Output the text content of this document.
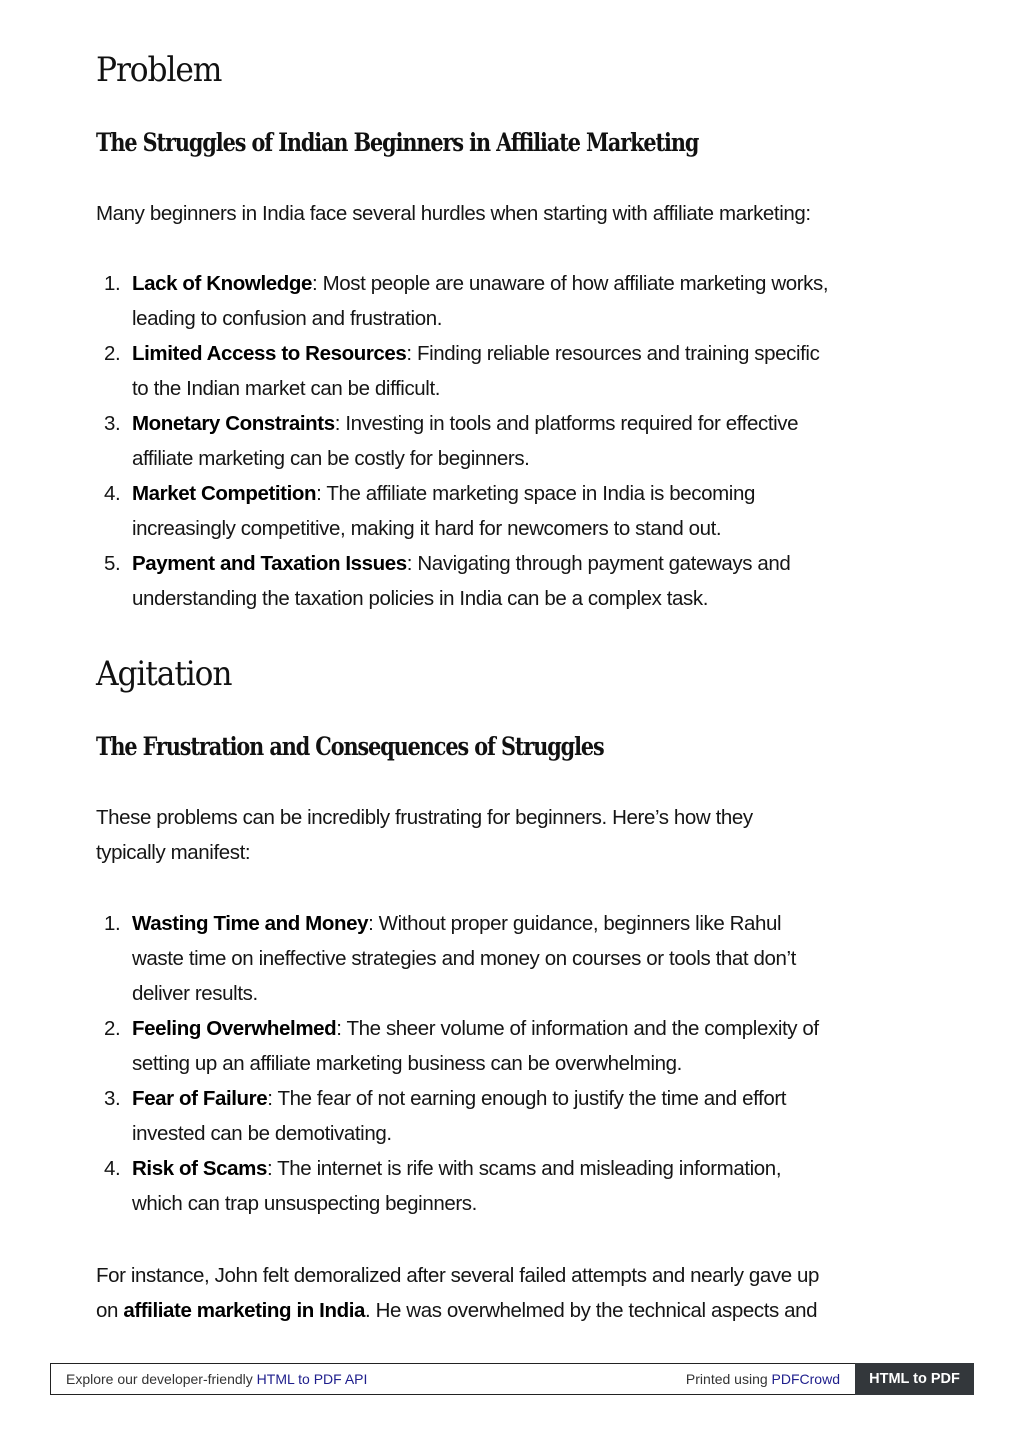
Problem
The Struggles of Indian Beginners in Affiliate Marketing

Many beginners in India face several hurdles when starting with affiliate marketing:

1. Lack of Knowledge: Most people are unaware of how affiliate marketing works,
leading to confusion and frustration.
2. Limited Access to Resources: Finding reliable resources and training specific
to the Indian market can be difficult.
3. Monetary Constraints: Investing in tools and platforms required for effective
affiliate marketing can be costly for beginners.
4. Market Competition: The affiliate marketing space in India is becoming
increasingly competitive, making it hard for newcomers to stand out.
5. Payment and Taxation Issues: Navigating through payment gateways and
understanding the taxation policies in India can be a complex task.
Agitation
The Frustration and Consequences of Struggles

These problems can be incredibly frustrating for beginners. Here’s how they
typically manifest:

1. Wasting Time and Money: Without proper guidance, beginners like Rahul
waste time on ineffective strategies and money on courses or tools that don’t
deliver results.
2. Feeling Overwhelmed: The sheer volume of information and the complexity of
setting up an affiliate marketing business can be overwhelming.
3. Fear of Failure: The fear of not earning enough to justify the time and effort
invested can be demotivating.
4. Risk of Scams: The internet is rife with scams and misleading information,
which can trap unsuspecting beginners.

For instance, John felt demoralized after several failed attempts and nearly gave up
on affiliate marketing in India. He was overwhelmed by the technical aspects and

Explore our developer-friendly HTML to PDF API	Printed using PDFCrowd	HTML to PDF
